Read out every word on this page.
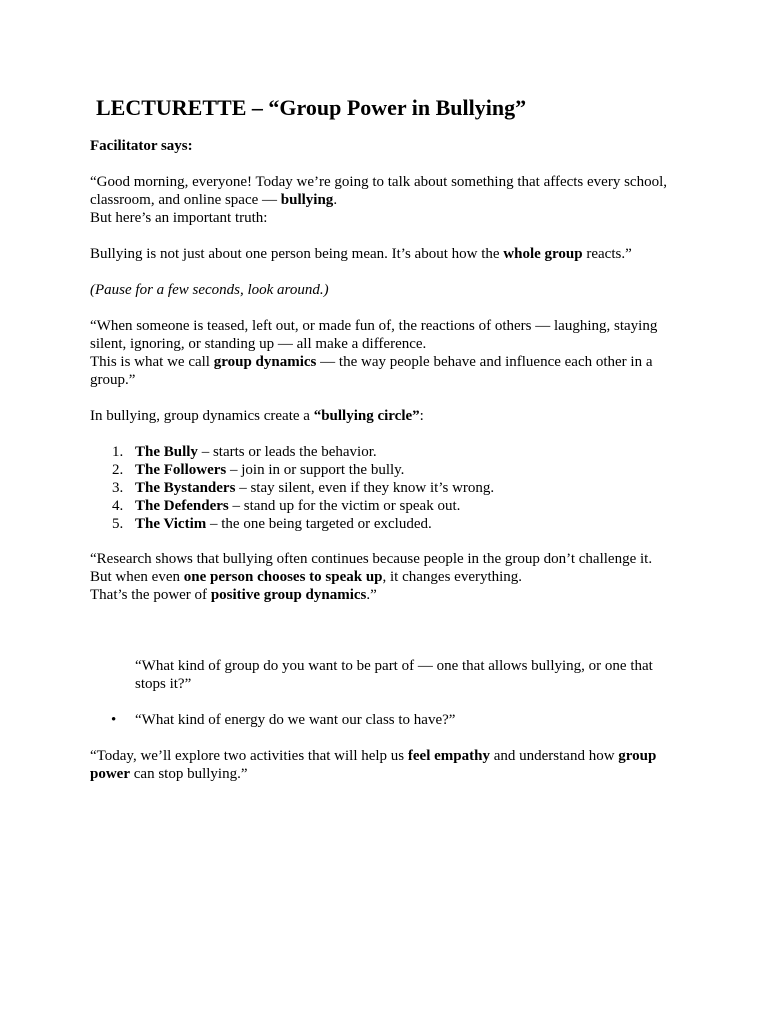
LECTURETTE – “Group Power in Bullying”

Facilitator says:

“Good morning, everyone! Today we’re going to talk about something that affects every school, classroom, and online space — bullying.
But here’s an important truth:

Bullying is not just about one person being mean. It’s about how the whole group reacts.”

(Pause for a few seconds, look around.)

“When someone is teased, left out, or made fun of, the reactions of others — laughing, staying silent, ignoring, or standing up — all make a difference.
This is what we call group dynamics — the way people behave and influence each other in a group.”

In bullying, group dynamics create a “bullying circle”:

1. The Bully – starts or leads the behavior.
2. The Followers – join in or support the bully.
3. The Bystanders – stay silent, even if they know it’s wrong.
4. The Defenders – stand up for the victim or speak out.
5. The Victim – the one being targeted or excluded.

“Research shows that bullying often continues because people in the group don’t challenge it.
But when even one person chooses to speak up, it changes everything.
That’s the power of positive group dynamics.”

“What kind of group do you want to be part of — one that allows bullying, or one that stops it?”

• “What kind of energy do we want our class to have?”

“Today, we’ll explore two activities that will help us feel empathy and understand how group power can stop bullying.”
